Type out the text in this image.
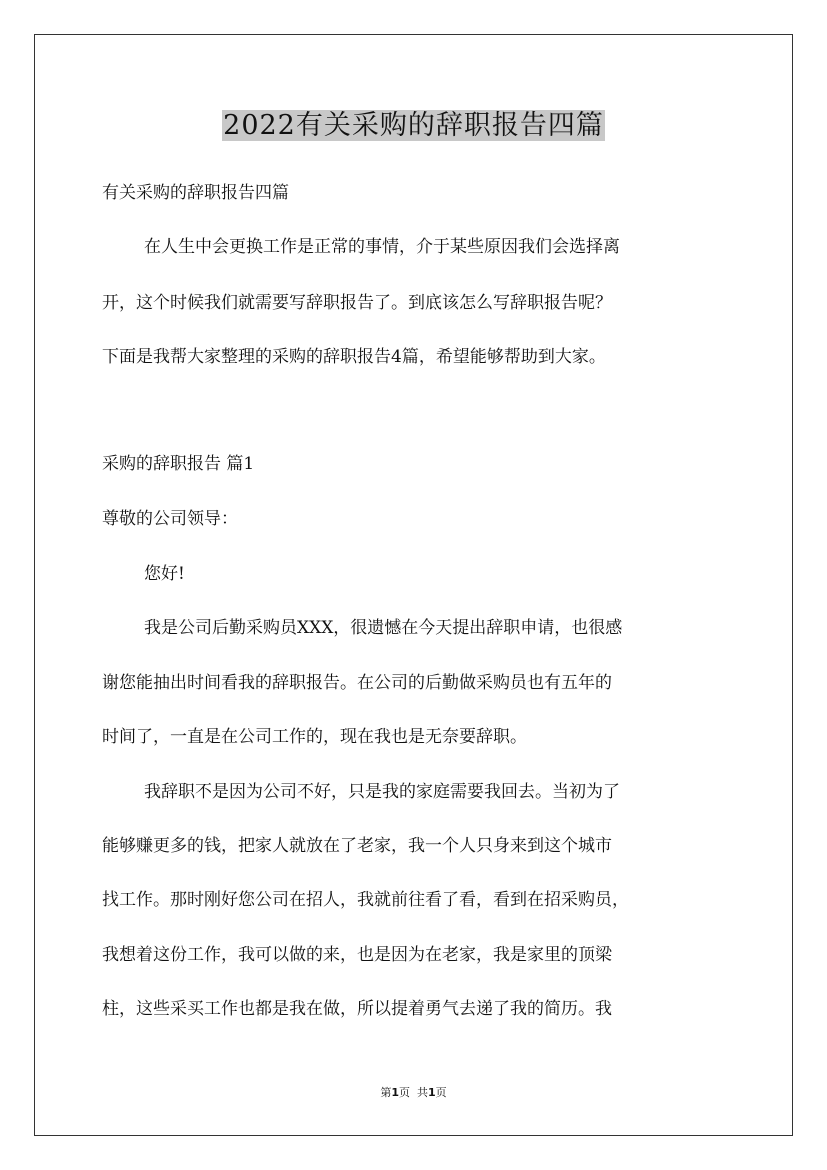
2022有关采购的辞职报告四篇

有关采购的辞职报告四篇

在人生中会更换工作是正常的事情，介于某些原因我们会选择离

开，这个时候我们就需要写辞职报告了。到底该怎么写辞职报告呢？

下面是我帮大家整理的采购的辞职报告4篇，希望能够帮助到大家。

采购的辞职报告 篇1

尊敬的公司领导：

您好!

我是公司后勤采购员XXX，很遗憾在今天提出辞职申请，也很感

谢您能抽出时间看我的辞职报告。在公司的后勤做采购员也有五年的

时间了，一直是在公司工作的，现在我也是无奈要辞职。

我辞职不是因为公司不好，只是我的家庭需要我回去。当初为了

能够赚更多的钱，把家人就放在了老家，我一个人只身来到这个城市

找工作。那时刚好您公司在招人，我就前往看了看，看到在招采购员，

我想着这份工作，我可以做的来，也是因为在老家，我是家里的顶梁

柱，这些采买工作也都是我在做，所以提着勇气去递了我的简历。我

第1页  共1页
